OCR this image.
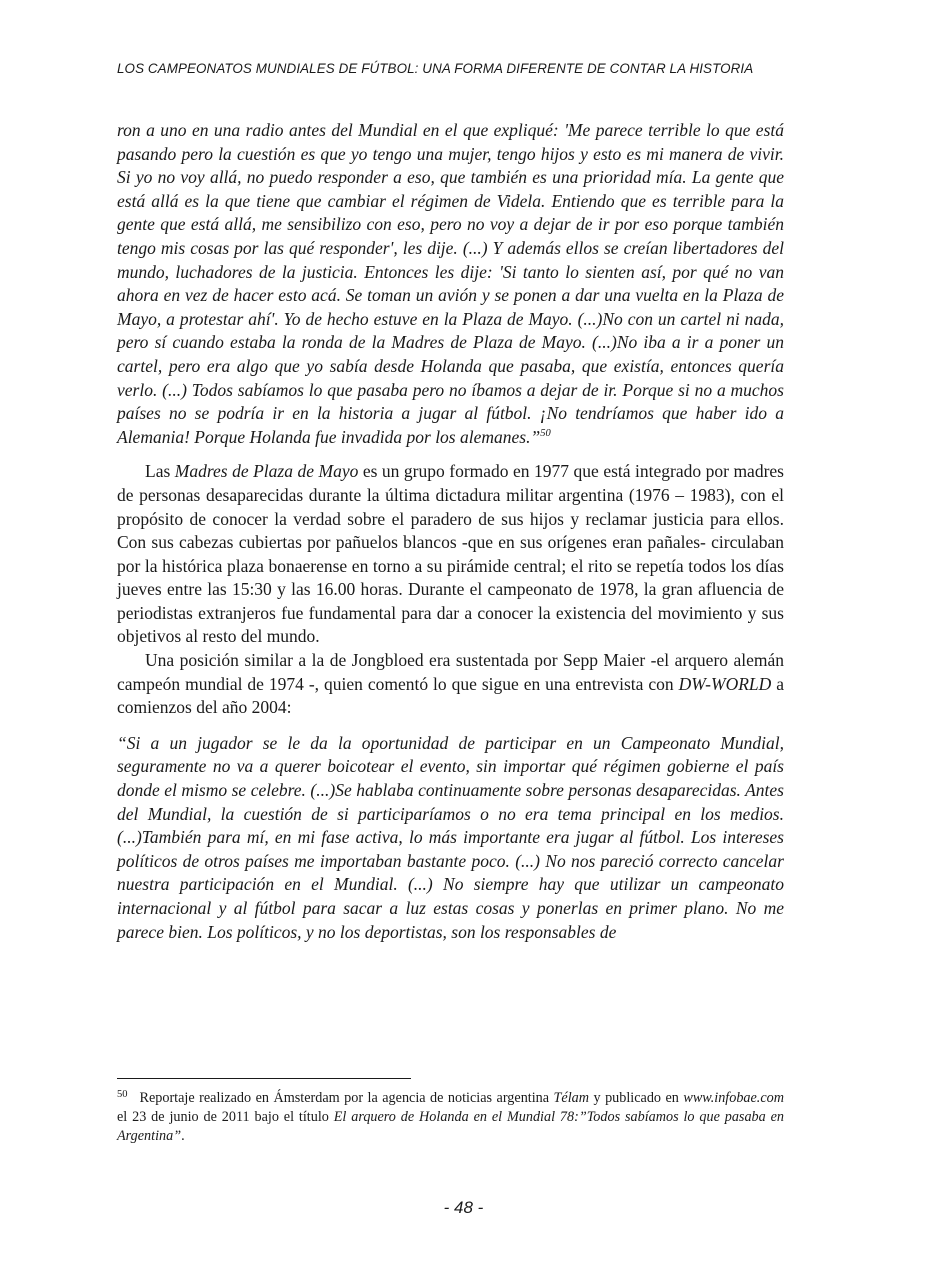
LOS CAMPEONATOS MUNDIALES DE FÚTBOL: UNA FORMA DIFERENTE DE CONTAR LA HISTORIA

ron a uno en una radio antes del Mundial en el que expliqué: 'Me parece terrible lo que está pasando pero la cuestión es que yo tengo una mujer, tengo hijos y esto es mi manera de vivir. Si yo no voy allá, no puedo responder a eso, que también es una prioridad mía. La gente que está allá es la que tiene que cambiar el régimen de Videla. Entiendo que es terrible para la gente que está allá, me sensibilizo con eso, pero no voy a dejar de ir por eso porque también tengo mis cosas por las qué responder', les dije. (...) Y además ellos se creían libertadores del mundo, luchadores de la justicia. Entonces les dije: 'Si tanto lo sienten así, por qué no van ahora en vez de hacer esto acá. Se toman un avión y se ponen a dar una vuelta en la Plaza de Mayo, a protestar ahí'. Yo de hecho estuve en la Plaza de Mayo. (...)No con un cartel ni nada, pero sí cuando estaba la ronda de la Madres de Plaza de Mayo. (...)No iba a ir a poner un cartel, pero era algo que yo sabía desde Holanda que pasaba, que existía, entonces quería verlo. (...) Todos sabíamos lo que pasaba pero no íbamos a dejar de ir. Porque si no a muchos países no se podría ir en la historia a jugar al fútbol. ¡No tendríamos que haber ido a Alemania! Porque Holanda fue invadida por los alemanes.”$^{50}$

Las Madres de Plaza de Mayo es un grupo formado en 1977 que está integrado por madres de personas desaparecidas durante la última dictadura militar argentina (1976 – 1983), con el propósito de conocer la verdad sobre el paradero de sus hijos y reclamar justicia para ellos. Con sus cabezas cubiertas por pañuelos blancos -que en sus orígenes eran pañales- circulaban por la histórica plaza bonaerense en torno a su pirámide central; el rito se repetía todos los días jueves entre las 15:30 y las 16.00 horas. Durante el campeonato de 1978, la gran afluencia de periodistas extranjeros fue fundamental para dar a conocer la existencia del movimiento y sus objetivos al resto del mundo.

Una posición similar a la de Jongbloed era sustentada por Sepp Maier -el arquero alemán campeón mundial de 1974 -, quien comentó lo que sigue en una entrevista con DW-WORLD a comienzos del año 2004:

“Si a un jugador se le da la oportunidad de participar en un Campeonato Mundial, seguramente no va a querer boicotear el evento, sin importar qué régimen gobierne el país donde el mismo se celebre. (...)Se hablaba continuamente sobre personas desaparecidas. Antes del Mundial, la cuestión de si participaríamos o no era tema principal en los medios. (...)También para mí, en mi fase activa, lo más importante era jugar al fútbol. Los intereses políticos de otros países me importaban bastante poco. (...) No nos pareció correcto cancelar nuestra participación en el Mundial. (...) No siempre hay que utilizar un campeonato internacional y al fútbol para sacar a luz estas cosas y ponerlas en primer plano. No me parece bien. Los políticos, y no los deportistas, son los responsables de

$^{50}$ Reportaje realizado en Ámsterdam por la agencia de noticias argentina Télam y publicado en www.infobae.com el 23 de junio de 2011 bajo el título El arquero de Holanda en el Mundial 78:”Todos sabíamos lo que pasaba en Argentina”.
- 48 -
